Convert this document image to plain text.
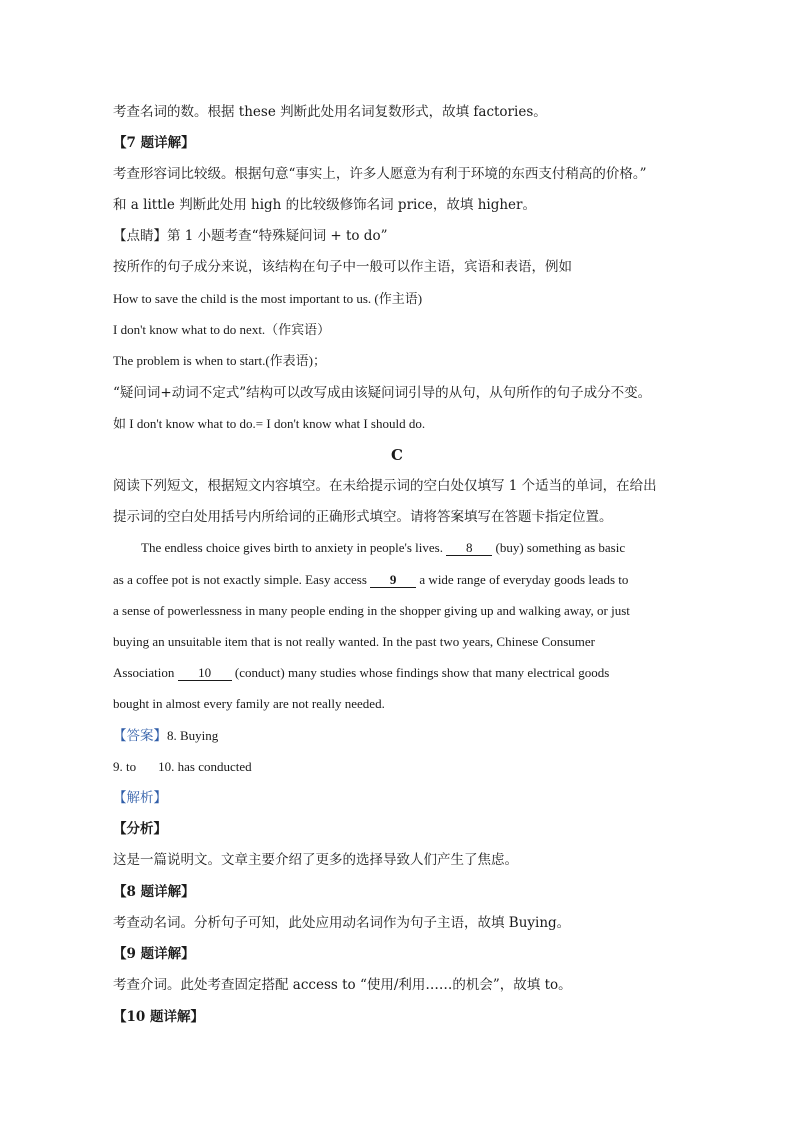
考查名词的数。根据 these 判断此处用名词复数形式，故填 factories。
【7 题详解】
考查形容词比较级。根据句意“事实上，许多人愿意为有利于环境的东西支付稍高的价格。”
和 a little 判断此处用 high 的比较级修饰名词 price，故填 higher。
【点睛】第 1 小题考查“特殊疑问词 + to do”
按所作的句子成分来说，该结构在句子中一般可以作主语，宾语和表语，例如
How to save the child is the most important to us. (作主语)
I don't know what to do next.（作宾语）
The problem is when to start.(作表语)；
“疑问词+动词不定式”结构可以改写成由该疑问词引导的从句，从句所作的句子成分不变。
如 I don't know what to do.= I don't know what I should do.
C
阅读下列短文，根据短文内容填空。在未给提示词的空白处仅填写 1 个适当的单词，在给出
提示词的空白处用括号内所给词的正确形式填空。请将答案填写在答题卡指定位置。
The endless choice gives birth to anxiety in people's lives. 8 (buy) something as basic
as a coffee pot is not exactly simple. Easy access 9 a wide range of everyday goods leads to
a sense of powerlessness in many people ending in the shopper giving up and walking away, or just
buying an unsuitable item that is not really wanted. In the past two years, Chinese Consumer
Association 10 (conduct) many studies whose findings show that many electrical goods
bought in almost every family are not really needed.
【答案】8. Buying
9. to 10. has conducted
【解析】
【分析】
这是一篇说明文。文章主要介绍了更多的选择导致人们产生了焦虑。
【8 题详解】
考查动名词。分析句子可知，此处应用动名词作为句子主语，故填 Buying。
【9 题详解】
考查介词。此处考查固定搭配 access to “使用/利用……的机会”，故填 to。
【10 题详解】
